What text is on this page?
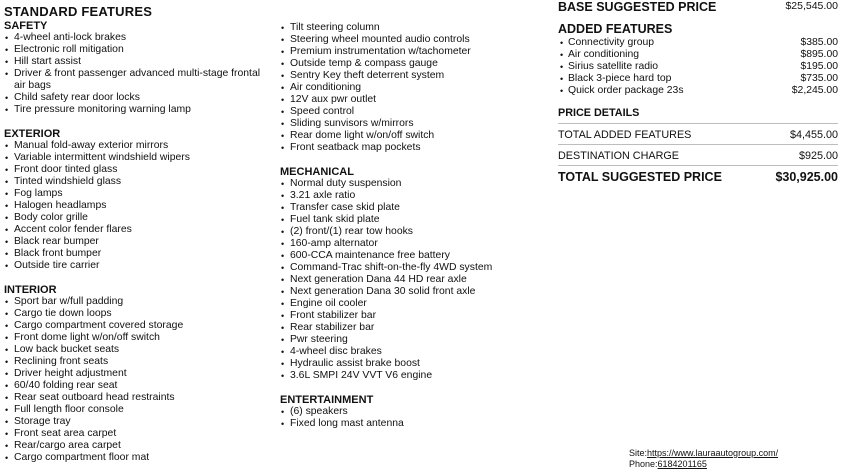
STANDARD FEATURES
SAFETY
• 4-wheel anti-lock brakes
• Electronic roll mitigation
• Hill start assist
• Driver & front passenger advanced multi-stage frontal air bags
• Child safety rear door locks
• Tire pressure monitoring warning lamp
EXTERIOR
• Manual fold-away exterior mirrors
• Variable intermittent windshield wipers
• Front door tinted glass
• Tinted windshield glass
• Fog lamps
• Halogen headlamps
• Body color grille
• Accent color fender flares
• Black rear bumper
• Black front bumper
• Outside tire carrier
INTERIOR
• Sport bar w/full padding
• Cargo tie down loops
• Cargo compartment covered storage
• Front dome light w/on/off switch
• Low back bucket seats
• Reclining front seats
• Driver height adjustment
• 60/40 folding rear seat
• Rear seat outboard head restraints
• Full length floor console
• Storage tray
• Front seat area carpet
• Rear/cargo area carpet
• Cargo compartment floor mat
• Tilt steering column
• Steering wheel mounted audio controls
• Premium instrumentation w/tachometer
• Outside temp & compass gauge
• Sentry Key theft deterrent system
• Air conditioning
• 12V aux pwr outlet
• Speed control
• Sliding sunvisors w/mirrors
• Rear dome light w/on/off switch
• Front seatback map pockets
MECHANICAL
• Normal duty suspension
• 3.21 axle ratio
• Transfer case skid plate
• Fuel tank skid plate
• (2) front/(1) rear tow hooks
• 160-amp alternator
• 600-CCA maintenance free battery
• Command-Trac shift-on-the-fly 4WD system
• Next generation Dana 44 HD rear axle
• Next generation Dana 30 solid front axle
• Engine oil cooler
• Front stabilizer bar
• Rear stabilizer bar
• Pwr steering
• 4-wheel disc brakes
• Hydraulic assist brake boost
• 3.6L SMPI 24V VVT V6 engine
ENTERTAINMENT
• (6) speakers
• Fixed long mast antenna
BASE SUGGESTED PRICE	$25,545.00
ADDED FEATURES
• Connectivity group	$385.00
• Air conditioning	$895.00
• Sirius satellite radio	$195.00
• Black 3-piece hard top	$735.00
• Quick order package 23s	$2,245.00
PRICE DETAILS
TOTAL ADDED FEATURES	$4,455.00
DESTINATION CHARGE	$925.00
TOTAL SUGGESTED PRICE	$30,925.00
Site:https://www.lauraautogroup.com/
Phone:6184201165
